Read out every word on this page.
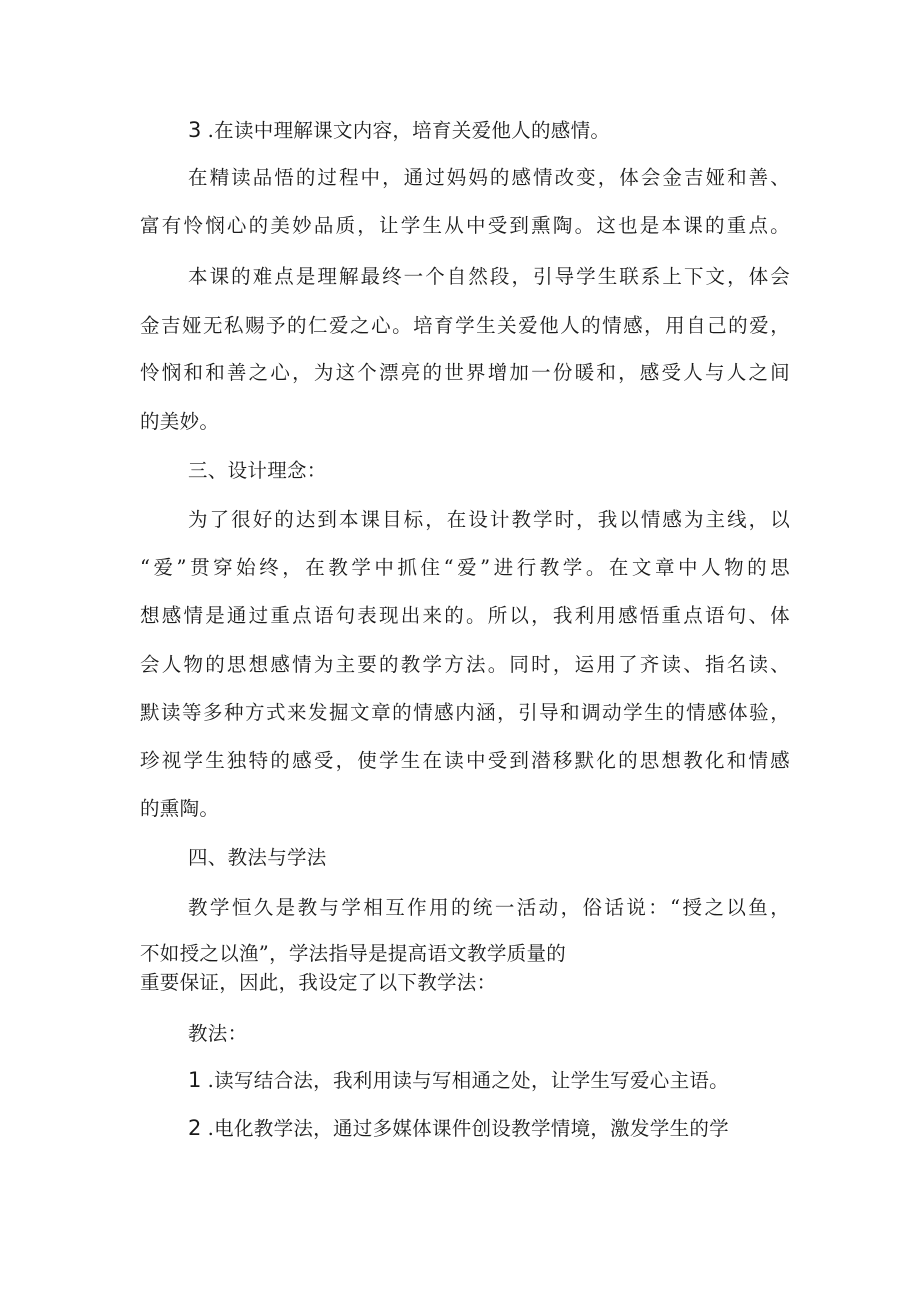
3 .在读中理解课文内容，培育关爱他人的感情。
在精读品悟的过程中，通过妈妈的感情改变，体会金吉娅和善、
富有怜悯心的美妙品质，让学生从中受到熏陶。这也是本课的重点。
本课的难点是理解最终一个自然段，引导学生联系上下文，体会
金吉娅无私赐予的仁爱之心。培育学生关爱他人的情感，用自己的爱，
怜悯和和善之心，为这个漂亮的世界增加一份暖和，感受人与人之间
的美妙。
三、设计理念：
为了很好的达到本课目标，在设计教学时，我以情感为主线，以
“爱”贯穿始终，在教学中抓住“爱”进行教学。在文章中人物的思
想感情是通过重点语句表现出来的。所以，我利用感悟重点语句、体
会人物的思想感情为主要的教学方法。同时，运用了齐读、指名读、
默读等多种方式来发掘文章的情感内涵，引导和调动学生的情感体验，
珍视学生独特的感受，使学生在读中受到潜移默化的思想教化和情感
的熏陶。
四、教法与学法
教学恒久是教与学相互作用的统一活动，俗话说：“授之以鱼，
不如授之以渔”，学法指导是提高语文教学质量的
重要保证，因此，我设定了以下教学法：
教法：
1 .读写结合法，我利用读与写相通之处，让学生写爱心主语。
2 .电化教学法，通过多媒体课件创设教学情境，激发学生的学
